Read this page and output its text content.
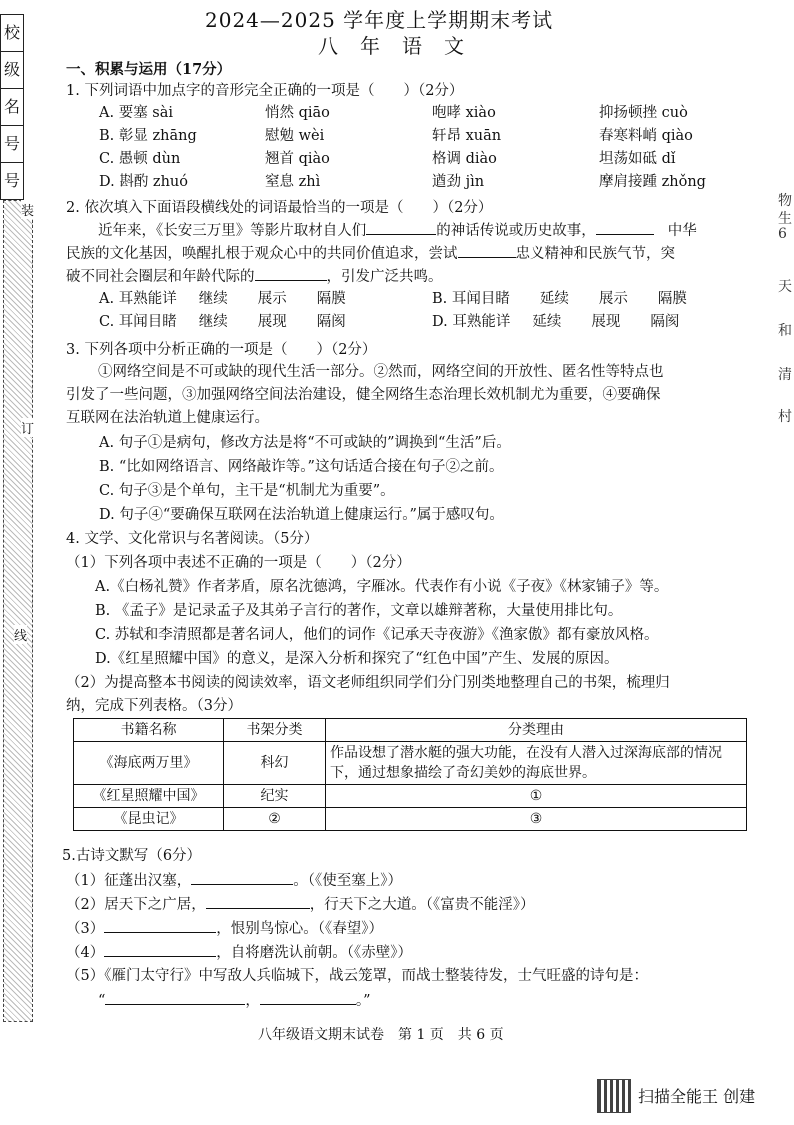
校
级
名
号
号
装
订
线
物
生
6
天
和
清
村
2024—2025 学年度上学期期末考试
八年语文
一、积累与运用（17分）
1. 下列词语中加点字的音形完全正确的一项是（　　）（2分）
A. 要塞 sài	悄然 qiāo	咆哮 xiào	抑扬顿挫 cuò
B. 彰显 zhāng	慰勉 wèi	轩昂 xuān	春寒料峭 qiào
C. 愚顿 dùn	翘首 qiào	格调 diào	坦荡如砥 dǐ
D. 斟酌 zhuó	窒息 zhì	遒劲 jìn	摩肩接踵 zhǒng
2. 依次填入下面语段横线处的词语最恰当的一项是（　　）（2分）
近年来，《长安三万里》等影片取材自人们	的神话传说或历史故事，	中华
民族的文化基因，唤醒扎根于观众心中的共同价值追求，尝试	忠义精神和民族气节，突
破不同社会圈层和年龄代际的	，引发广泛共鸣。
A. 耳熟能详 继续 展示 隔膜	B. 耳闻目睹 延续 展示 隔膜
C. 耳闻目睹 继续 展现 隔阂	D. 耳熟能详 延续 展现 隔阂
3. 下列各项中分析正确的一项是（　　）（2分）
①网络空间是不可或缺的现代生活一部分。②然而，网络空间的开放性、匿名性等特点也
引发了一些问题，③加强网络空间法治建设，健全网络生态治理长效机制尤为重要，④要确保
互联网在法治轨道上健康运行。
A. 句子①是病句，修改方法是将“不可或缺的”调换到“生活”后。
B. “比如网络语言、网络敲诈等。”这句话适合接在句子②之前。
C. 句子③是个单句，主干是“机制尤为重要”。
D. 句子④“要确保互联网在法治轨道上健康运行。”属于感叹句。
4. 文学、文化常识与名著阅读。（5分）
（1）下列各项中表述不正确的一项是（　　）（2分）
A.《白杨礼赞》作者茅盾，原名沈德鸿，字雁冰。代表作有小说《子夜》《林家铺子》等。
B. 《孟子》是记录孟子及其弟子言行的著作，文章以雄辩著称，大量使用排比句。
C. 苏轼和李清照都是著名词人，他们的词作《记承天寺夜游》《渔家傲》都有豪放风格。
D.《红星照耀中国》的意义，是深入分析和探究了“红色中国”产生、发展的原因。
（2）为提高整本书阅读的阅读效率，语文老师组织同学们分门别类地整理自己的书架，梳理归
纳，完成下列表格。（3分）
书籍名称	书架分类	分类理由
《海底两万里》	科幻	作品设想了潜水艇的强大功能，在没有人潜入过深海底部的情况下，通过想象描绘了奇幻美妙的海底世界。
《红星照耀中国》	纪实	①
《昆虫记》	②	③
5.古诗文默写（6分）
（1）征蓬出汉塞，	。（《使至塞上》）
（2）居天下之广居，	，行天下之大道。（《富贵不能淫》）
（3）	，恨别鸟惊心。（《春望》）
（4）	，自将磨洗认前朝。（《赤壁》）
（5）《雁门太守行》中写敌人兵临城下，战云笼罩，而战士整装待发，士气旺盛的诗句是：
“	，	。”
八年级语文期末试卷　第 1 页　共 6 页
扫描全能王 创建
